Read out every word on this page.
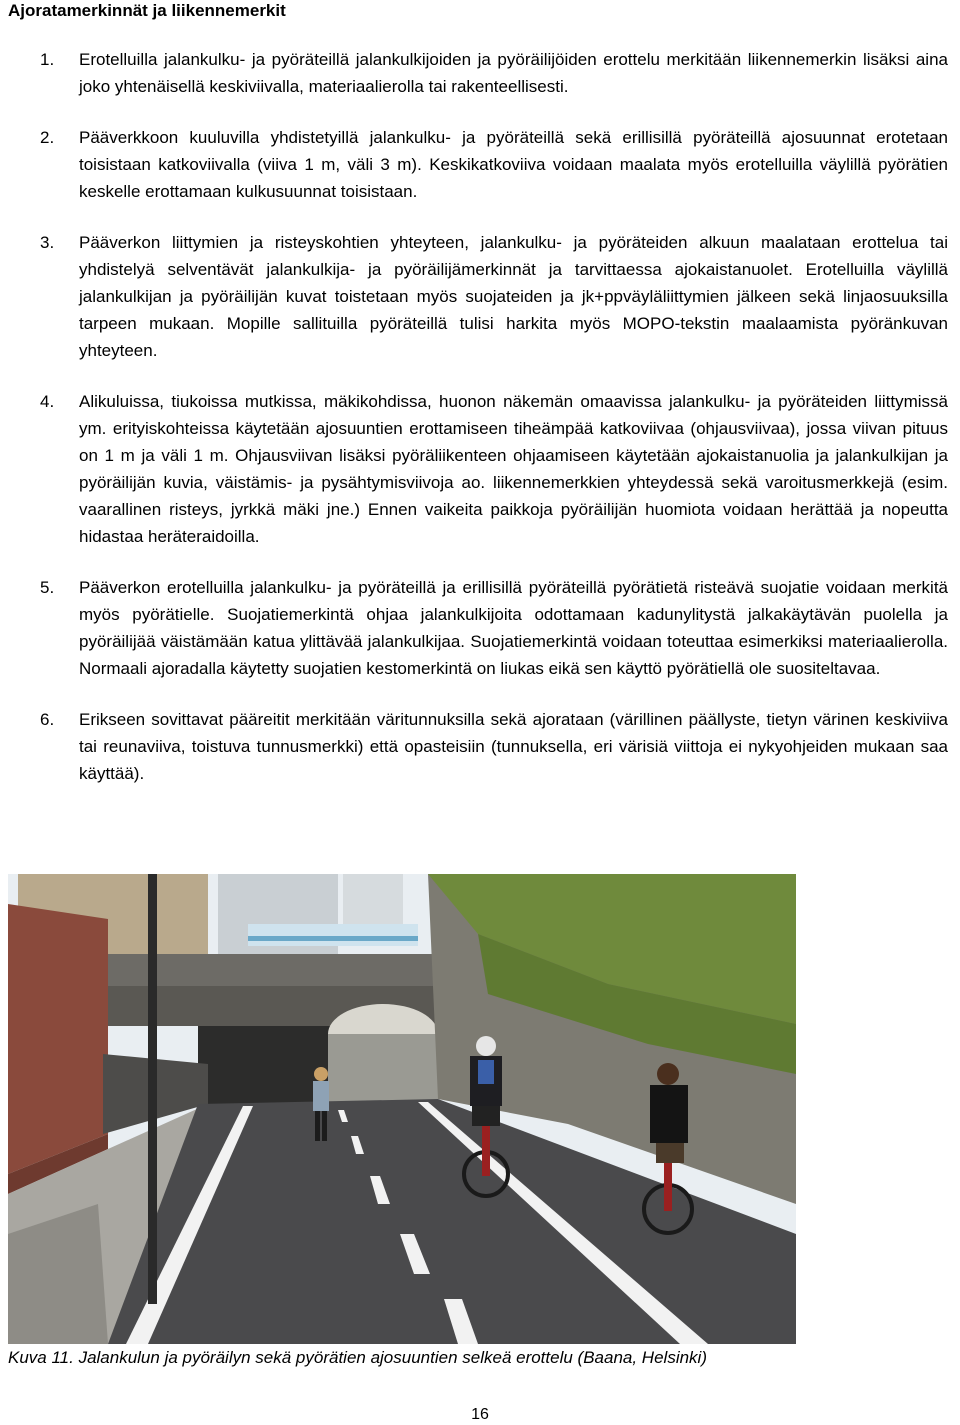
Ajoratamerkinnät ja liikennemerkit
1. Erotelluilla jalankulku- ja pyöräteillä jalankulkijoiden ja pyöräilijöiden erottelu merkitään liikennemerkin lisäksi aina joko yhtenäisellä keskiviivalla, materiaalierolla tai rakenteellisesti.
2. Pääverkkoon kuuluvilla yhdistetyillä jalankulku- ja pyöräteillä sekä erillisillä pyöräteillä ajosuunnat erotetaan toisistaan katkoviivalla (viiva 1 m, väli 3 m). Keskikatkoviiva voidaan maalata myös erotelluilla väylillä pyörätien keskelle erottamaan kulkusuunnat toisistaan.
3. Pääverkon liittymien ja risteyskohtien yhteyteen, jalankulku- ja pyöräteiden alkuun maalataan erottelua tai yhdistelyä selventävät jalankulkija- ja pyöräilijämerkinnät ja tarvittaessa ajokaistanuolet. Erotelluilla väylillä jalankulkijan ja pyöräilijän kuvat toistetaan myös suojateiden ja jk+ppväyläliittymien jälkeen sekä linjaosuuksilla tarpeen mukaan. Mopille sallituilla pyöräteillä tulisi harkita myös MOPO-tekstin maalaamista pyöränkuvan yhteyteen.
4. Alikuluissa, tiukoissa mutkissa, mäkikohdissa, huonon näkemän omaavissa jalankulku- ja pyöräteiden liittymissä ym. erityiskohteissa käytetään ajosuuntien erottamiseen tiheämpää katkoviivaa (ohjausviivaa), jossa viivan pituus on 1 m ja väli 1 m. Ohjausviivan lisäksi pyöräliikenteen ohjaamiseen käytetään ajokaistanuolia ja jalankulkijan ja pyöräilijän kuvia, väistämis- ja pysähtymisviivoja ao. liikennemerkkien yhteydessä sekä varoitusmerkkejä (esim. vaarallinen risteys, jyrkkä mäki jne.) Ennen vaikeita paikkoja pyöräilijän huomiota voidaan herättää ja nopeutta hidastaa heräteraidoilla.
5. Pääverkon erotelluilla jalankulku- ja pyöräteillä ja erillisillä pyöräteillä pyörätietä risteävä suojatie voidaan merkitä myös pyörätielle. Suojatiemerkintä ohjaa jalankulkijoita odottamaan kadunylitystä jalkakäytävän puolella ja pyöräilijää väistämään katua ylittävää jalankulkijaa. Suojatiemerkintä voidaan toteuttaa esimerkiksi materiaalierolla. Normaali ajoradalla käytetty suojatien kestomerkintä on liukas eikä sen käyttö pyörätiellä ole suositeltavaa.
6. Erikseen sovittavat pääreitit merkitään väritunnuksilla sekä ajorataan (värillinen päällyste, tietyn värinen keskiviiva tai reunaviiva, toistuva tunnusmerkki) että opasteisiin (tunnuksella, eri värisiä viittoja ei nykyohjeiden mukaan saa käyttää).
Kuva 11. Jalankulun ja pyöräilyn sekä pyörätien ajosuuntien selkeä erottelu (Baana, Helsinki)
16
